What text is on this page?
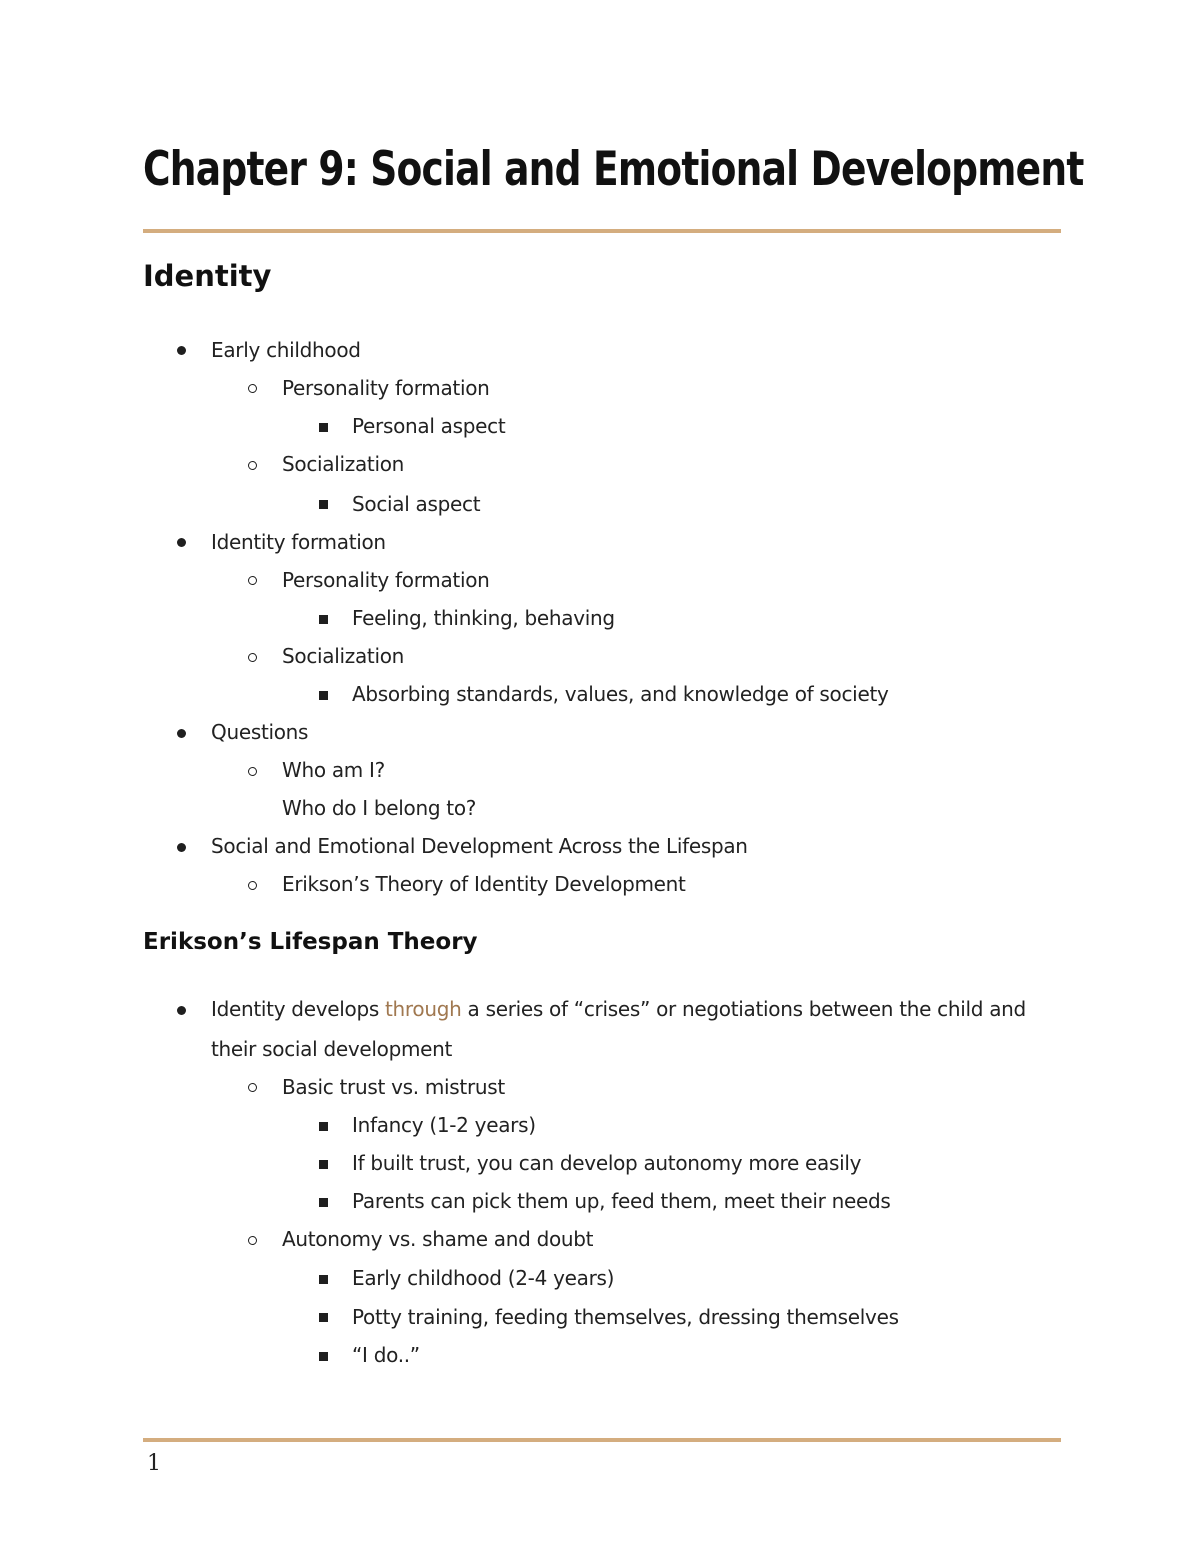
Chapter 9: Social and Emotional Development
Identity
Early childhood
Personality formation
Personal aspect
Socialization
Social aspect
Identity formation
Personality formation
Feeling, thinking, behaving
Socialization
Absorbing standards, values, and knowledge of society
Questions
Who am I?
Who do I belong to?
Social and Emotional Development Across the Lifespan
Erikson’s Theory of Identity Development
Erikson’s Lifespan Theory
Identity develops through a series of “crises” or negotiations between the child and
their social development
Basic trust vs. mistrust
Infancy (1-2 years)
If built trust, you can develop autonomy more easily
Parents can pick them up, feed them, meet their needs
Autonomy vs. shame and doubt
Early childhood (2-4 years)
Potty training, feeding themselves, dressing themselves
“I do..”
1
